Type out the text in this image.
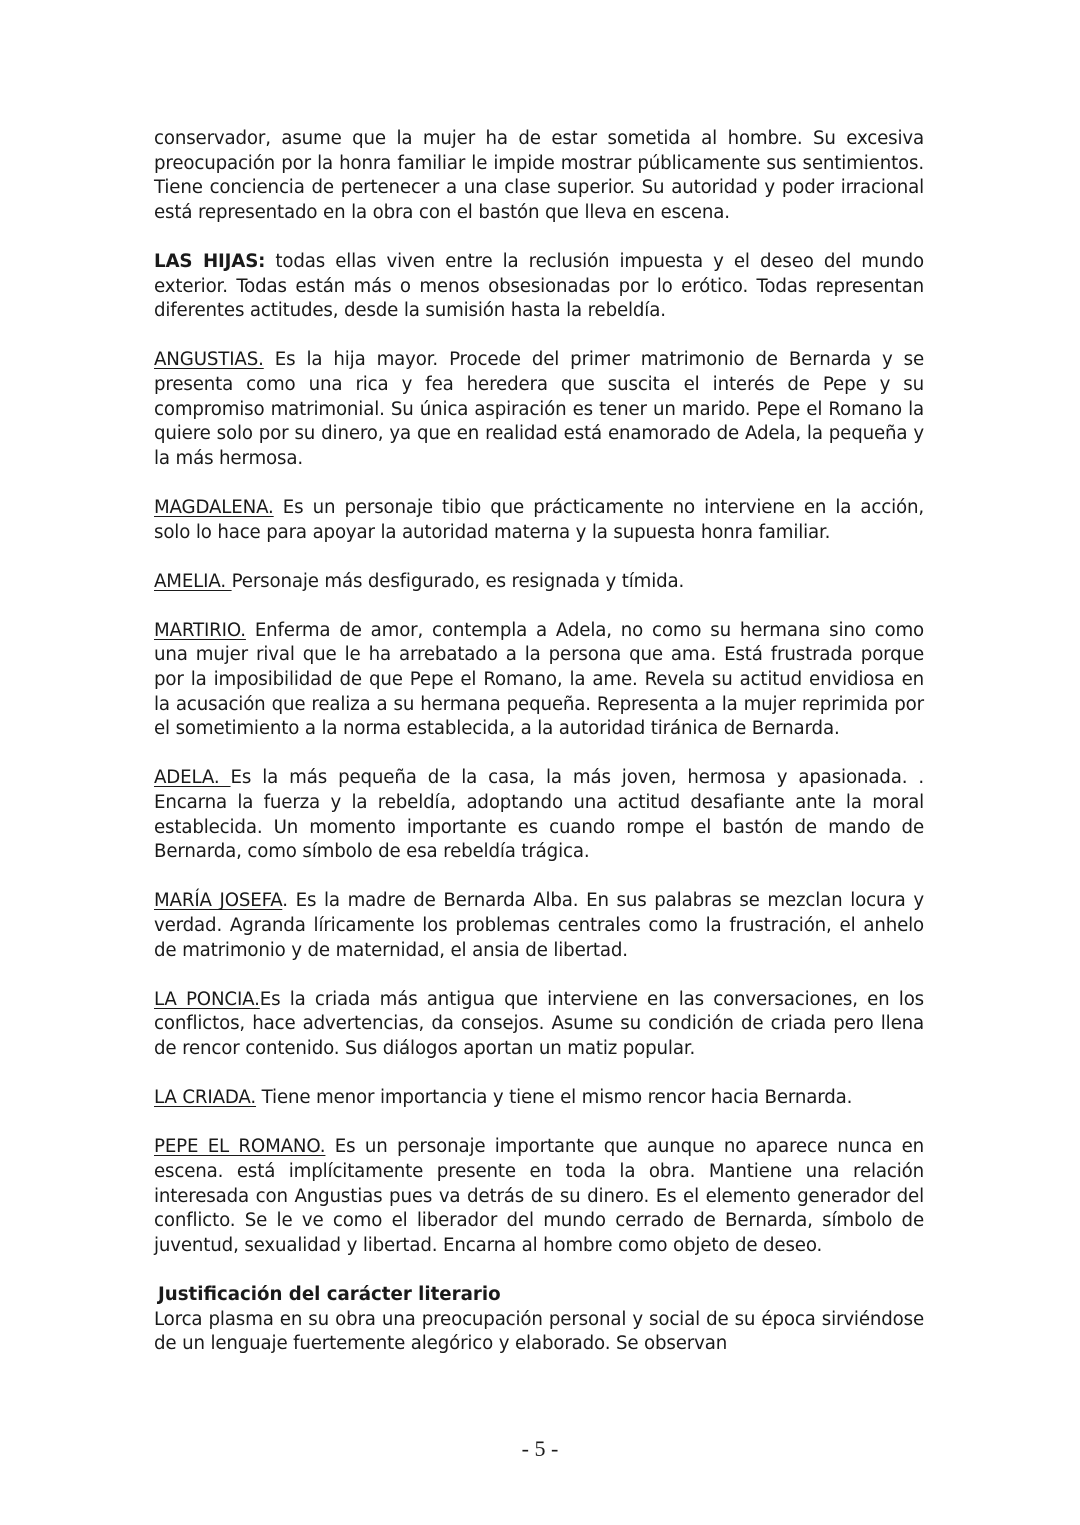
conservador, asume que la mujer ha de estar sometida al hombre. Su excesiva preocupación por la honra familiar le impide mostrar públicamente sus sentimientos. Tiene conciencia de pertenecer a una clase superior. Su autoridad y poder irracional está representado en la obra con el bastón que lleva en escena.

LAS HIJAS: todas ellas viven entre la reclusión impuesta y el deseo del mundo exterior. Todas están más o menos obsesionadas por lo erótico. Todas representan diferentes actitudes, desde la sumisión hasta la rebeldía.

ANGUSTIAS. Es la hija mayor. Procede del primer matrimonio de Bernarda y se presenta como una rica y fea heredera que suscita el interés de Pepe y su compromiso matrimonial. Su única aspiración es tener un marido. Pepe el Romano la quiere solo por su dinero, ya que en realidad está enamorado de Adela, la pequeña y la más hermosa.

MAGDALENA. Es un personaje tibio que prácticamente no interviene en la acción, solo lo hace para apoyar la autoridad materna y la supuesta honra familiar.

AMELIA. Personaje más desfigurado, es resignada y tímida.

MARTIRIO. Enferma de amor, contempla a Adela, no como su hermana sino como una mujer rival que le ha arrebatado a la persona que ama. Está frustrada porque por la imposibilidad de que Pepe el Romano, la ame. Revela su actitud envidiosa en la acusación que realiza a su hermana pequeña. Representa a la mujer reprimida por el sometimiento a la norma establecida, a la autoridad tiránica de Bernarda.

ADELA. Es la más pequeña de la casa, la más joven, hermosa y apasionada. . Encarna la fuerza y la rebeldía, adoptando una actitud desafiante ante la moral establecida. Un momento importante es cuando rompe el bastón de mando de Bernarda, como símbolo de esa rebeldía trágica.

MARÍA JOSEFA. Es la madre de Bernarda Alba. En sus palabras se mezclan locura y verdad. Agranda líricamente los problemas centrales como la frustración, el anhelo de matrimonio y de maternidad, el ansia de libertad.

LA PONCIA.Es la criada más antigua que interviene en las conversaciones, en los conflictos, hace advertencias, da consejos. Asume su condición de criada pero llena de rencor contenido. Sus diálogos aportan un matiz popular.

LA CRIADA. Tiene menor importancia y tiene el mismo rencor hacia Bernarda.

PEPE EL ROMANO. Es un personaje importante que aunque no aparece nunca en escena. está implícitamente presente en toda la obra. Mantiene una relación interesada con Angustias pues va detrás de su dinero. Es el elemento generador del conflicto. Se le ve como el liberador del mundo cerrado de Bernarda, símbolo de juventud, sexualidad y libertad. Encarna al hombre como objeto de deseo.

Justificación del carácter literario

Lorca plasma en su obra una preocupación personal y social de su época sirviéndose de un lenguaje fuertemente alegórico y elaborado. Se observan

- 5 -
